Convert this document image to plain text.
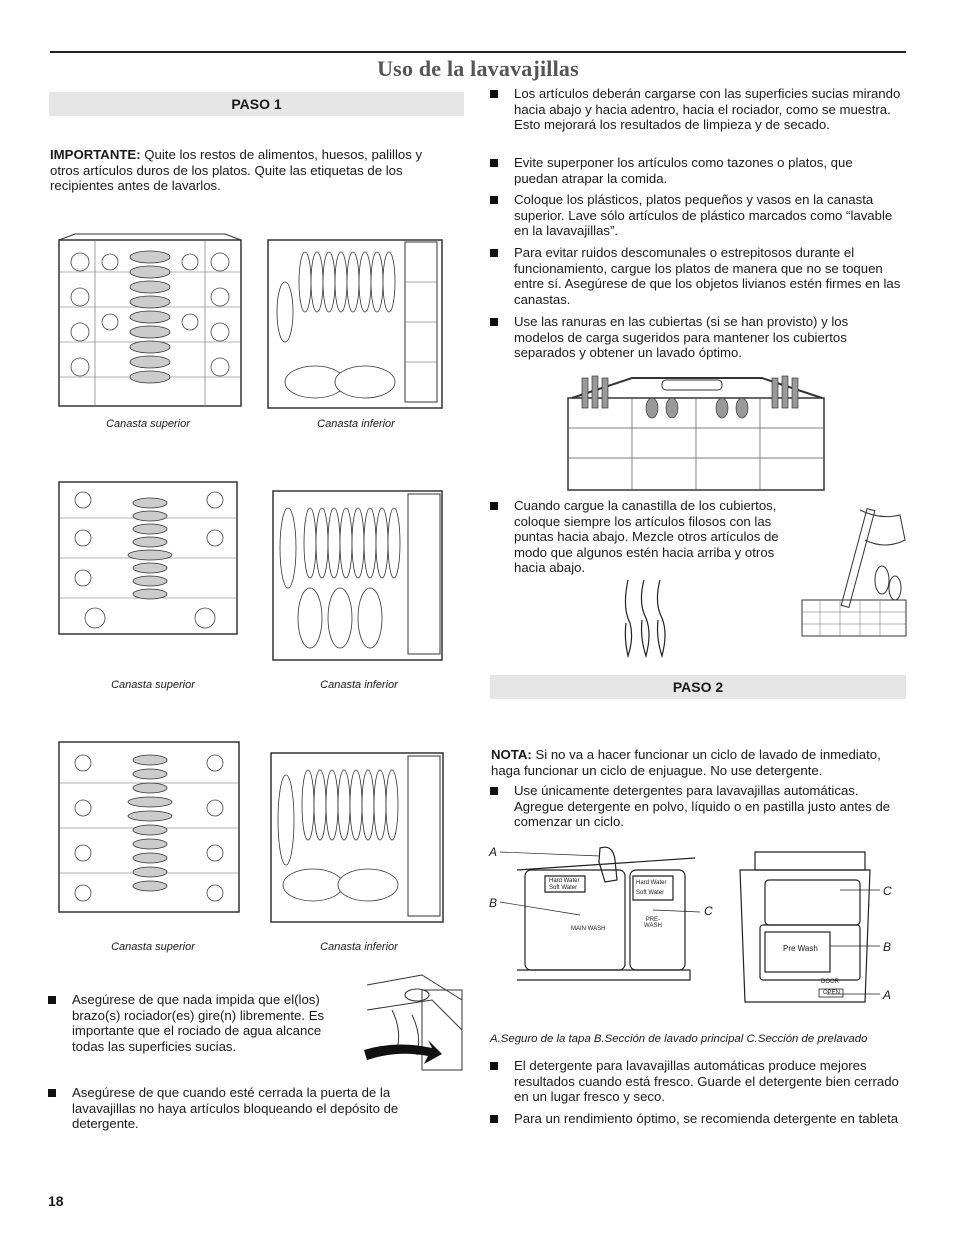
Uso de la lavavajillas
PASO 1
IMPORTANTE: Quite los restos de alimentos, huesos, palillos y otros artículos duros de los platos. Quite las etiquetas de los recipientes antes de lavarlos.
Canasta superior	Canasta inferior
Canasta superior	Canasta inferior
Canasta superior	Canasta inferior
Asegúrese de que nada impida que el(los) brazo(s) rociador(es) gire(n) libremente. Es importante que el rociado de agua alcance todas las superficies sucias.
Asegúrese de que cuando esté cerrada la puerta de la lavavajillas no haya artículos bloqueando el depósito de detergente.
Los artículos deberán cargarse con las superficies sucias mirando hacia abajo y hacia adentro, hacia el rociador, como se muestra. Esto mejorará los resultados de limpieza y de secado.
Evite superponer los artículos como tazones o platos, que puedan atrapar la comida.
Coloque los plásticos, platos pequeños y vasos en la canasta superior. Lave sólo artículos de plástico marcados como “lavable en la lavavajillas”.
Para evitar ruidos descomunales o estrepitosos durante el funcionamiento, cargue los platos de manera que no se toquen entre sí. Asegúrese de que los objetos livianos estén firmes en las canastas.
Use las ranuras en las cubiertas (si se han provisto) y los modelos de carga sugeridos para mantener los cubiertos separados y obtener un lavado óptimo.
Cuando cargue la canastilla de los cubiertos, coloque siempre los artículos filosos con las puntas hacia abajo. Mezcle otros artículos de modo que algunos estén hacia arriba y otros hacia abajo.
PASO 2
NOTA: Si no va a hacer funcionar un ciclo de lavado de inmediato, haga funcionar un ciclo de enjuague. No use detergente.
Use únicamente detergentes para lavavajillas automáticas. Agregue detergente en polvo, líquido o en pastilla justo antes de comenzar un ciclo.
A
B
C
Hard Water
Soft Water
Hard Water
Soft Water
MAIN WASH
PRE-
WASH
C
B
A
Pre Wash
DOOR
OPEN
A.Seguro de la tapa B.Sección de lavado principal C.Sección de prelavado
El detergente para lavavajillas automáticas produce mejores resultados cuando está fresco. Guarde el detergente bien cerrado en un lugar fresco y seco.
Para un rendimiento óptimo, se recomienda detergente en tableta
18
